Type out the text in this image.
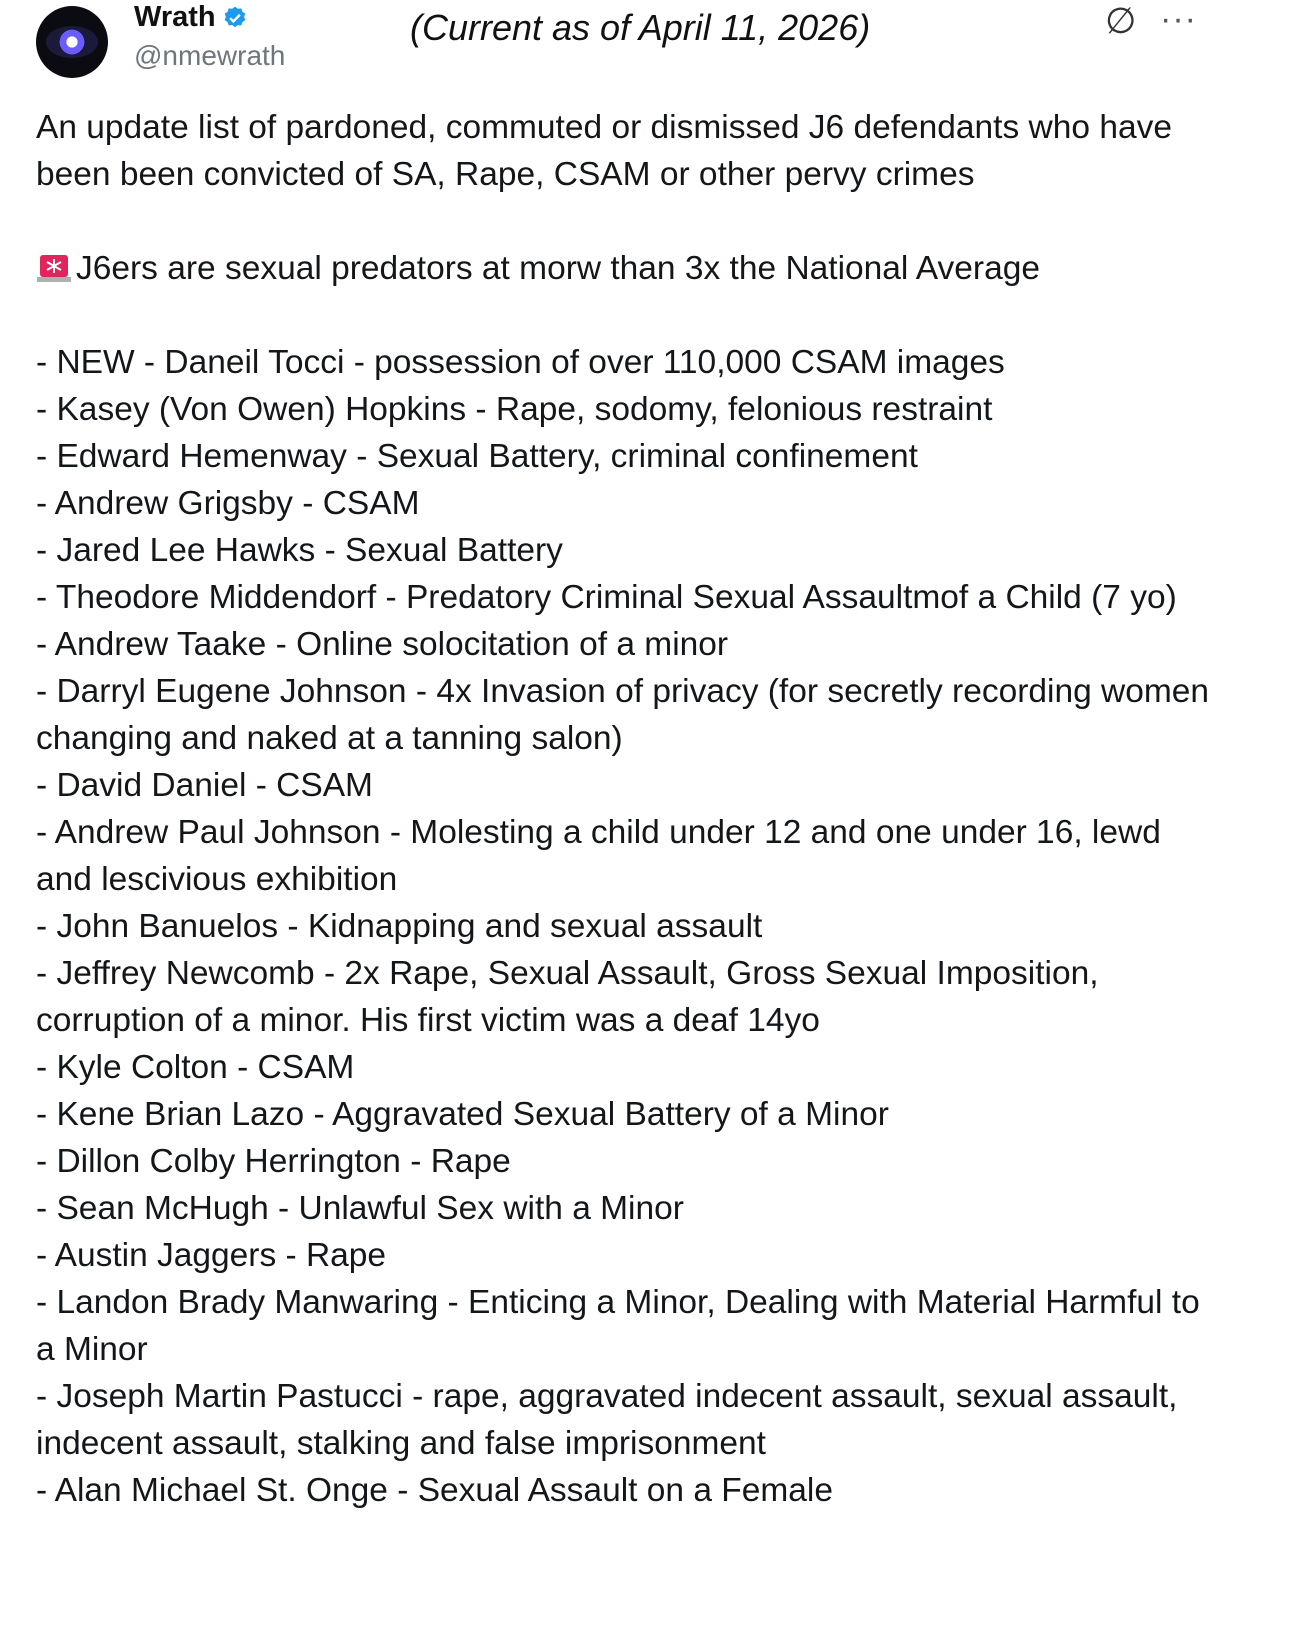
Wrath
@nmewrath
(Current as of April 11, 2026)	∅ ···

An update list of pardoned, commuted or dismissed J6 defendants who have been been convicted of SA, Rape, CSAM or other pervy crimes

J6ers are sexual predators at morw than 3x the National Average

- NEW - Daneil Tocci - possession of over 110,000 CSAM images

- Kasey (Von Owen) Hopkins - Rape, sodomy, felonious restraint

- Edward Hemenway - Sexual Battery, criminal confinement

- Andrew Grigsby - CSAM

- Jared Lee Hawks - Sexual Battery

- Theodore Middendorf - Predatory Criminal Sexual Assaultmof a Child (7 yo)

- Andrew Taake - Online solocitation of a minor

- Darryl Eugene Johnson - 4x Invasion of privacy (for secretly recording women changing and naked at a tanning salon)

- David Daniel - CSAM

- Andrew Paul Johnson - Molesting a child under 12 and one under 16, lewd and lescivious exhibition

- John Banuelos - Kidnapping and sexual assault

- Jeffrey Newcomb - 2x Rape, Sexual Assault, Gross Sexual Imposition, corruption of a minor. His first victim was a deaf 14yo

- Kyle Colton - CSAM

- Kene Brian Lazo - Aggravated Sexual Battery of a Minor

- Dillon Colby Herrington - Rape

- Sean McHugh - Unlawful Sex with a Minor

- Austin Jaggers - Rape

- Landon Brady Manwaring - Enticing a Minor, Dealing with Material Harmful to a Minor

- Joseph Martin Pastucci - rape, aggravated indecent assault, sexual assault, indecent assault, stalking and false imprisonment

- Alan Michael St. Onge - Sexual Assault on a Female
